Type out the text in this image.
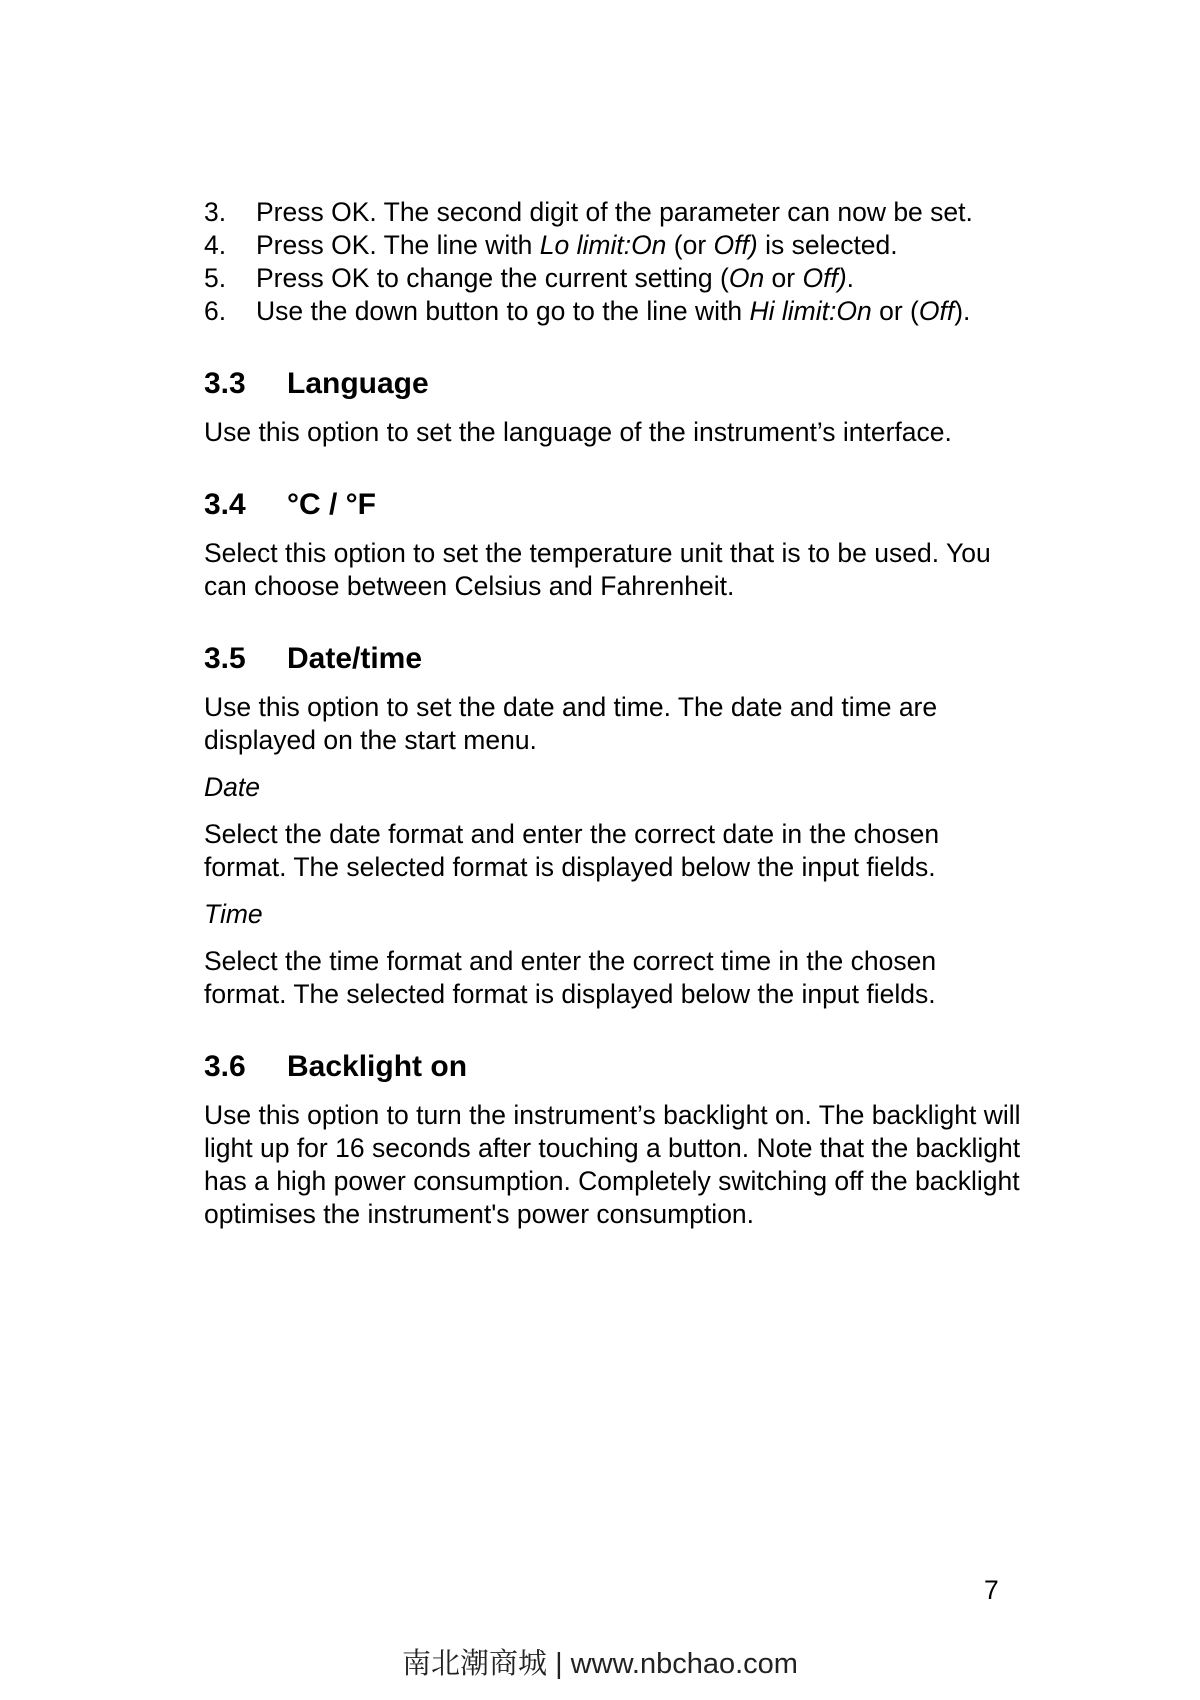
3. Press OK. The second digit of the parameter can now be set.
4. Press OK. The line with Lo limit:On (or Off) is selected.
5. Press OK to change the current setting (On or Off).
6. Use the down button to go to the line with Hi limit:On or (Off).
3.3 Language

Use this option to set the language of the instrument’s interface.

3.4 °C / °F

Select this option to set the temperature unit that is to be used. You can choose between Celsius and Fahrenheit.

3.5 Date/time

Use this option to set the date and time. The date and time are displayed on the start menu.

Date

Select the date format and enter the correct date in the chosen format. The selected format is displayed below the input fields.

Time

Select the time format and enter the correct time in the chosen format. The selected format is displayed below the input fields.

3.6 Backlight on

Use this option to turn the instrument’s backlight on. The backlight will light up for 16 seconds after touching a button. Note that the backlight has a high power consumption. Completely switching off the backlight optimises the instrument's power consumption.

7
南北潮商城 | www.nbchao.com
